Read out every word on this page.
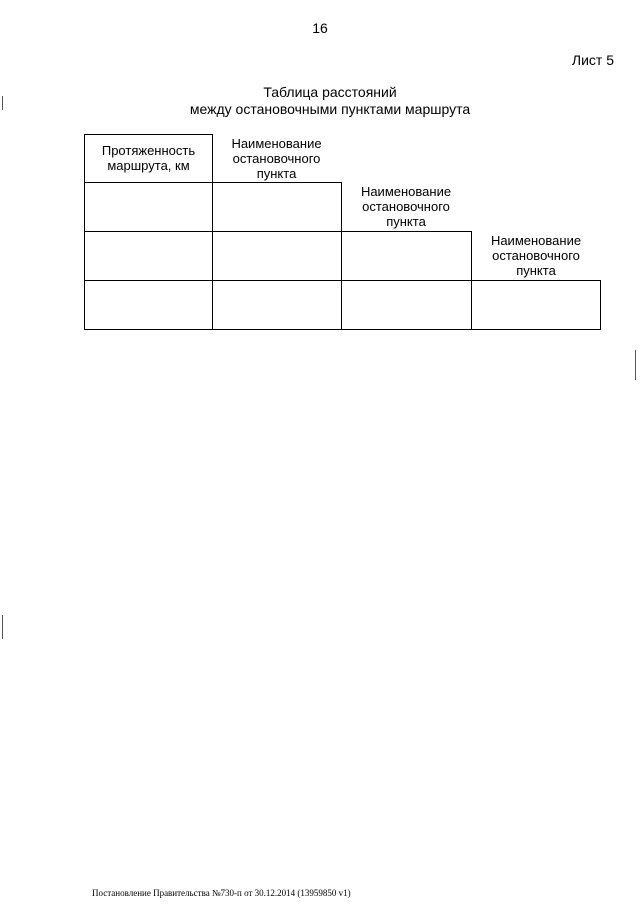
16
Лист 5
Таблица расстояний
между остановочными пунктами маршрута
Протяженность
маршрута, км
Наименование
остановочного
пункта
Наименование
остановочного
пункта
Наименование
остановочного
пункта
Постановление Правительства №730-п от 30.12.2014 (13959850 v1)
